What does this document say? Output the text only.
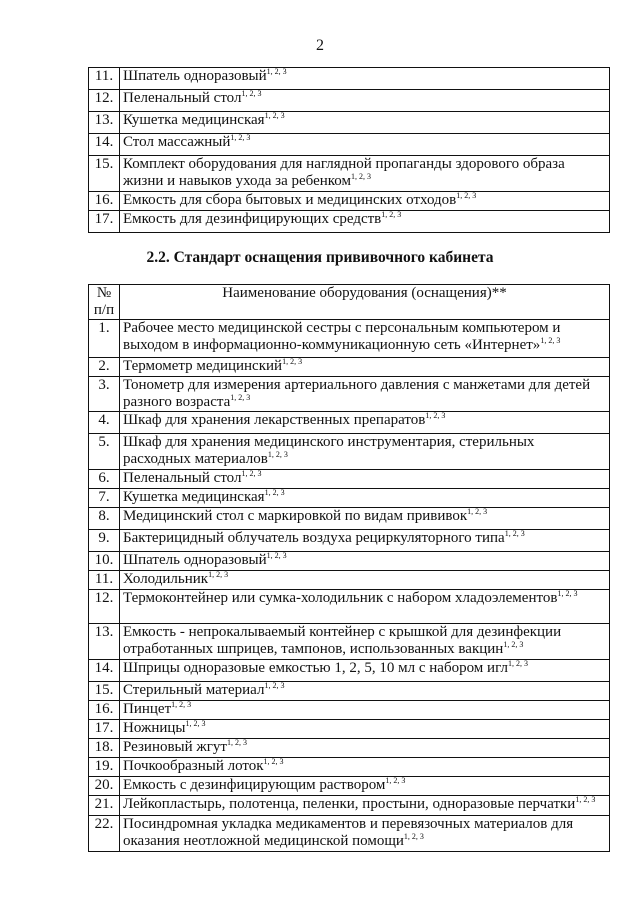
2
11.	Шпатель одноразовый$^{1, 2, 3}$
12.	Пеленальный стол$^{1, 2, 3}$
13.	Кушетка медицинская$^{1, 2, 3}$
14.	Стол массажный$^{1, 2, 3}$
15.	Комплект оборудования для наглядной пропаганды здорового образа жизни и навыков ухода за ребенком$^{1, 2, 3}$
16.	Емкость для сбора бытовых и медицинских отходов$^{1, 2, 3}$
17.	Емкость для дезинфицирующих средств$^{1, 2, 3}$
2.2. Стандарт оснащения прививочного кабинета
№ п/п	Наименование оборудования (оснащения)**
1.	Рабочее место медицинской сестры с персональным компьютером и выходом в информационно-коммуникационную сеть «Интернет»$^{1, 2, 3}$
2.	Термометр медицинский$^{1, 2, 3}$
3.	Тонометр для измерения артериального давления с манжетами для детей разного возраста$^{1, 2, 3}$
4.	Шкаф для хранения лекарственных препаратов$^{1, 2, 3}$
5.	Шкаф для хранения медицинского инструментария, стерильных расходных материалов$^{1, 2, 3}$
6.	Пеленальный стол$^{1, 2, 3}$
7.	Кушетка медицинская$^{1, 2, 3}$
8.	Медицинский стол с маркировкой по видам прививок$^{1, 2, 3}$
9.	Бактерицидный облучатель воздуха рециркуляторного типа$^{1, 2, 3}$
10.	Шпатель одноразовый$^{1, 2, 3}$
11.	Холодильник$^{1, 2, 3}$
12.	Термоконтейнер или сумка-холодильник с набором хладоэлементов$^{1, 2, 3}$
13.	Емкость - непрокалываемый контейнер с крышкой для дезинфекции отработанных шприцев, тампонов, использованных вакцин$^{1, 2, 3}$
14.	Шприцы одноразовые емкостью 1, 2, 5, 10 мл с набором игл$^{1, 2, 3}$
15.	Стерильный материал$^{1, 2, 3}$
16.	Пинцет$^{1, 2, 3}$
17.	Ножницы$^{1, 2, 3}$
18.	Резиновый жгут$^{1, 2, 3}$
19.	Почкообразный лоток$^{1, 2, 3}$
20.	Емкость с дезинфицирующим раствором$^{1, 2, 3}$
21.	Лейкопластырь, полотенца, пеленки, простыни, одноразовые перчатки$^{1, 2, 3}$
22.	Посиндромная укладка медикаментов и перевязочных материалов для оказания неотложной медицинской помощи$^{1, 2, 3}$
